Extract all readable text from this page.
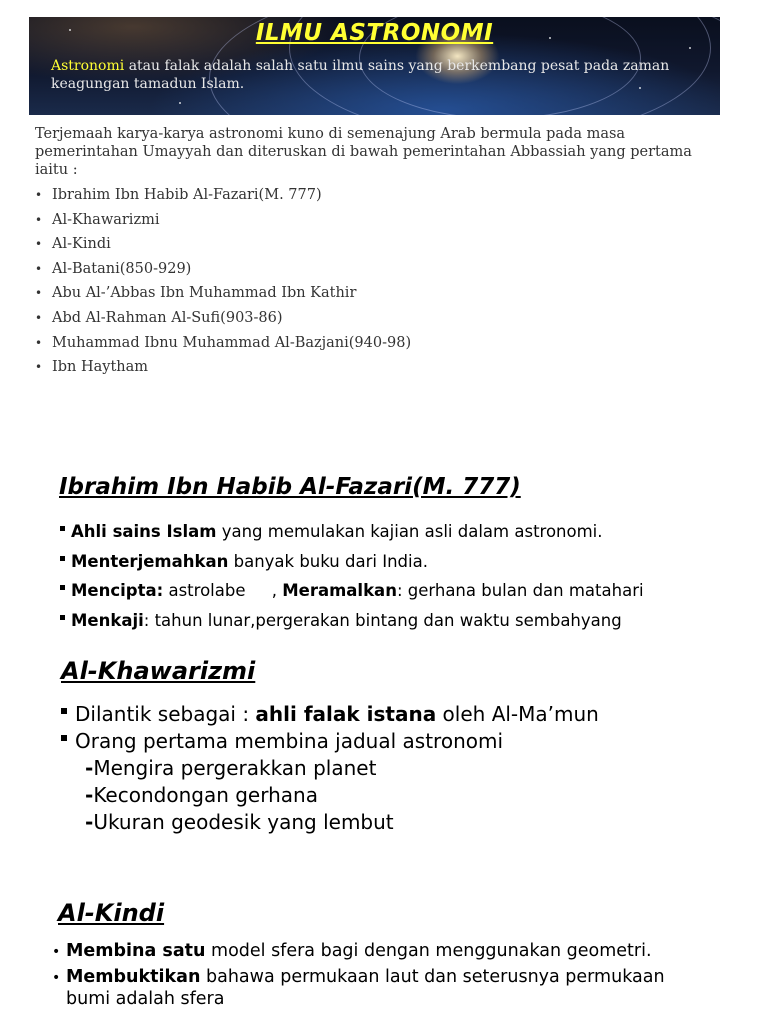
ILMU ASTRONOMI
Astronomi atau falak adalah salah satu ilmu sains yang berkembang pesat pada zaman keagungan tamadun Islam.
Terjemaah karya-karya astronomi kuno di semenajung Arab bermula pada masa pemerintahan Umayyah dan diteruskan di bawah pemerintahan Abbassiah yang pertama iaitu :
• Ibrahim Ibn Habib Al-Fazari(M. 777)
• Al-Khawarizmi
• Al-Kindi
• Al-Batani(850-929)
• Abu Al-’Abbas Ibn Muhammad Ibn Kathir
• Abd Al-Rahman Al-Sufi(903-86)
• Muhammad Ibnu Muhammad Al-Bazjani(940-98)
• Ibn Haytham
Ibrahim Ibn Habib Al-Fazari(M. 777)
Ahli sains Islam yang memulakan kajian asli dalam astronomi.
Menterjemahkan banyak buku dari India.
Mencipta: astrolabe     , Meramalkan: gerhana bulan dan matahari
Menkaji: tahun lunar,pergerakan bintang dan waktu sembahyang
Al-Khawarizmi
Dilantik sebagai : ahli falak istana oleh Al-Ma’mun
Orang pertama membina jadual astronomi
-Mengira pergerakkan planet
-Kecondongan gerhana
-Ukuran geodesik yang lembut
Al-Kindi
• Membina satu model sfera bagi dengan menggunakan geometri.
• Membuktikan bahawa permukaan laut dan seterusnya permukaan
bumi adalah sfera
